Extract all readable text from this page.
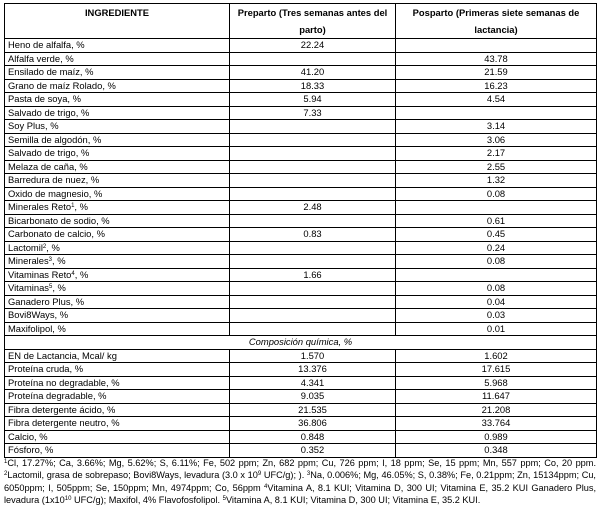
INGREDIENTE	Preparto (Tres semanas antes del parto)	Posparto (Primeras siete semanas de lactancia)
Heno de alfalfa, %	22.24	
Alfalfa verde, %		43.78
Ensilado de maíz, %	41.20	21.59
Grano de maíz Rolado, %	18.33	16.23
Pasta de soya, %	5.94	4.54
Salvado de trigo, %	7.33	
Soy Plus, %		3.14
Semilla de algodón, %		3.06
Salvado de trigo, %		2.17
Melaza de caña, %		2.55
Barredura de nuez, %		1.32
Oxido de magnesio, %		0.08
Minerales Reto$^1$, %	2.48	
Bicarbonato de sodio, %		0.61
Carbonato de calcio, %	0.83	0.45
Lactomil$^2$, %		0.24
Minerales$^3$, %		0.08
Vitaminas Reto$^4$, %	1.66	
Vitaminas$^5$, %		0.08
Ganadero Plus, %		0.04
Bovi8Ways, %		0.03
Maxifolipol, %		0.01
Composición química, %		
EN de Lactancia, Mcal/ kg	1.570	1.602
Proteína cruda, %	13.376	17.615
Proteína no degradable, %	4.341	5.968
Proteína degradable, %	9.035	11.647
Fibra detergente ácido, %	21.535	21.208
Fibra detergente neutro, %	36.806	33.764
Calcio, %	0.848	0.989
Fósforo, %	0.352	0.348

$^1$Cl, 17.27%; Ca, 3.66%; Mg, 5.62%; S, 6.11%; Fe, 502 ppm; Zn, 682 ppm; Cu, 726 ppm; I, 18 ppm; Se, 15 ppm; Mn, 557 ppm; Co, 20 ppm. $^2$Lactomil, grasa de sobrepaso; Bovi8Ways, levadura (3.0 x $10^9$ UFC/g); ). $^3$Na, 0.006%; Mg, 46.05%; S, 0.38%; Fe, 0.21ppm; Zn, 15134ppm; Cu, 6050ppm; I, 505ppm; Se, 150ppm; Mn, 4974ppm; Co, 56ppm $^4$Vitamina A, 8.1 KUI; Vitamina D, 300 UI; Vitamina E, 35.2 KUI Ganadero Plus, levadura ($1x10^{10}$ UFC/g); Maxifol, 4% Flavofosfolipol. $^5$Vitamina A, 8.1 KUI; Vitamina D, 300 UI; Vitamina E, 35.2 KUI.
